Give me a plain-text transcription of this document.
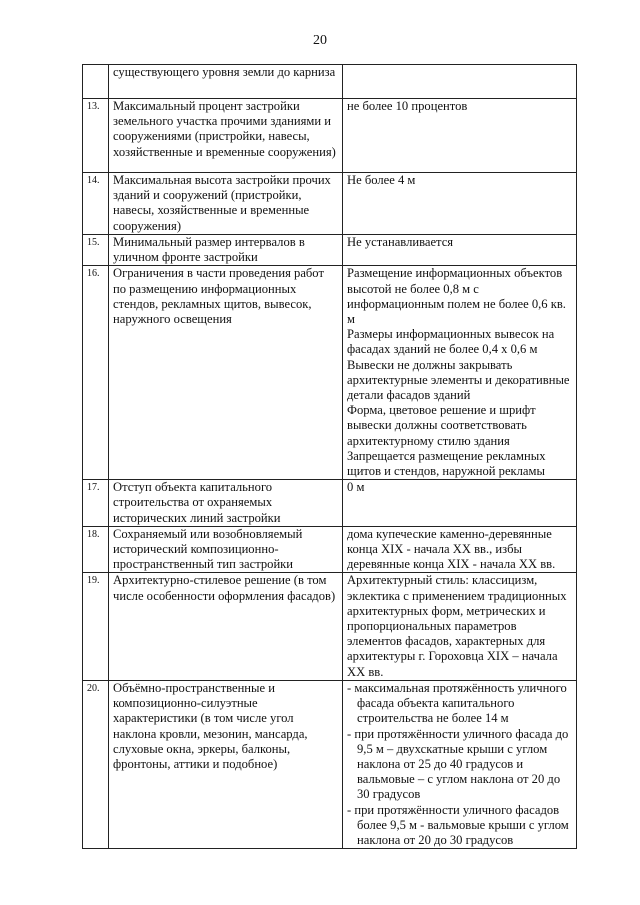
20
	существующего уровня земли до карниза	
13.	Максимальный процент застройки земельного участка прочими зданиями и сооружениями (пристройки, навесы, хозяйственные и временные сооружения)	не более 10 процентов
14.	Максимальная высота застройки прочих зданий и сооружений (пристройки, навесы, хозяйственные и временные сооружения)	Не более 4 м
15.	Минимальный размер интервалов в уличном фронте застройки	Не устанавливается
16.	Ограничения в части проведения работ по размещению информационных стендов, рекламных щитов, вывесок, наружного освещения	Размещение информационных объектов высотой не более 0,8 м с информационным полем не более 0,6 кв. м
Размеры информационных вывесок на фасадах зданий не более 0,4 х 0,6 м
Вывески не должны закрывать архитектурные элементы и декоративные детали фасадов зданий
Форма, цветовое решение и шрифт вывески должны соответствовать архитектурному стилю здания
Запрещается размещение рекламных щитов и стендов, наружной рекламы

17.	Отступ объекта капитального строительства от охраняемых исторических линий застройки	0 м
18.	Сохраняемый или возобновляемый исторический композиционно-пространственный тип застройки	дома купеческие каменно-деревянные конца XIX - начала XX вв., избы деревянные конца XIX - начала XX вв.
19.	Архитектурно-стилевое решение (в том числе особенности оформления фасадов)	Архитектурный стиль: классицизм, эклектика с применением традиционных архитектурных форм, метрических и пропорциональных параметров элементов фасадов, характерных для архитектуры г. Гороховца XIX – начала XX вв.
20.	Объёмно-пространственные и композиционно-силуэтные характеристики (в том числе угол наклона кровли, мезонин, мансарда, слуховые окна, эркеры, балконы, фронтоны, аттики и подобное)	- максимальная протяжённость уличного фасада объекта капитального строительства не более 14 м
- при протяжённости уличного фасада до 9,5 м – двухскатные крыши с углом наклона от 25 до 40 градусов и вальмовые – с углом наклона от 20 до 30 градусов
- при протяжённости уличного фасадов более 9,5 м - вальмовые крыши с углом наклона от 20 до 30 градусов
